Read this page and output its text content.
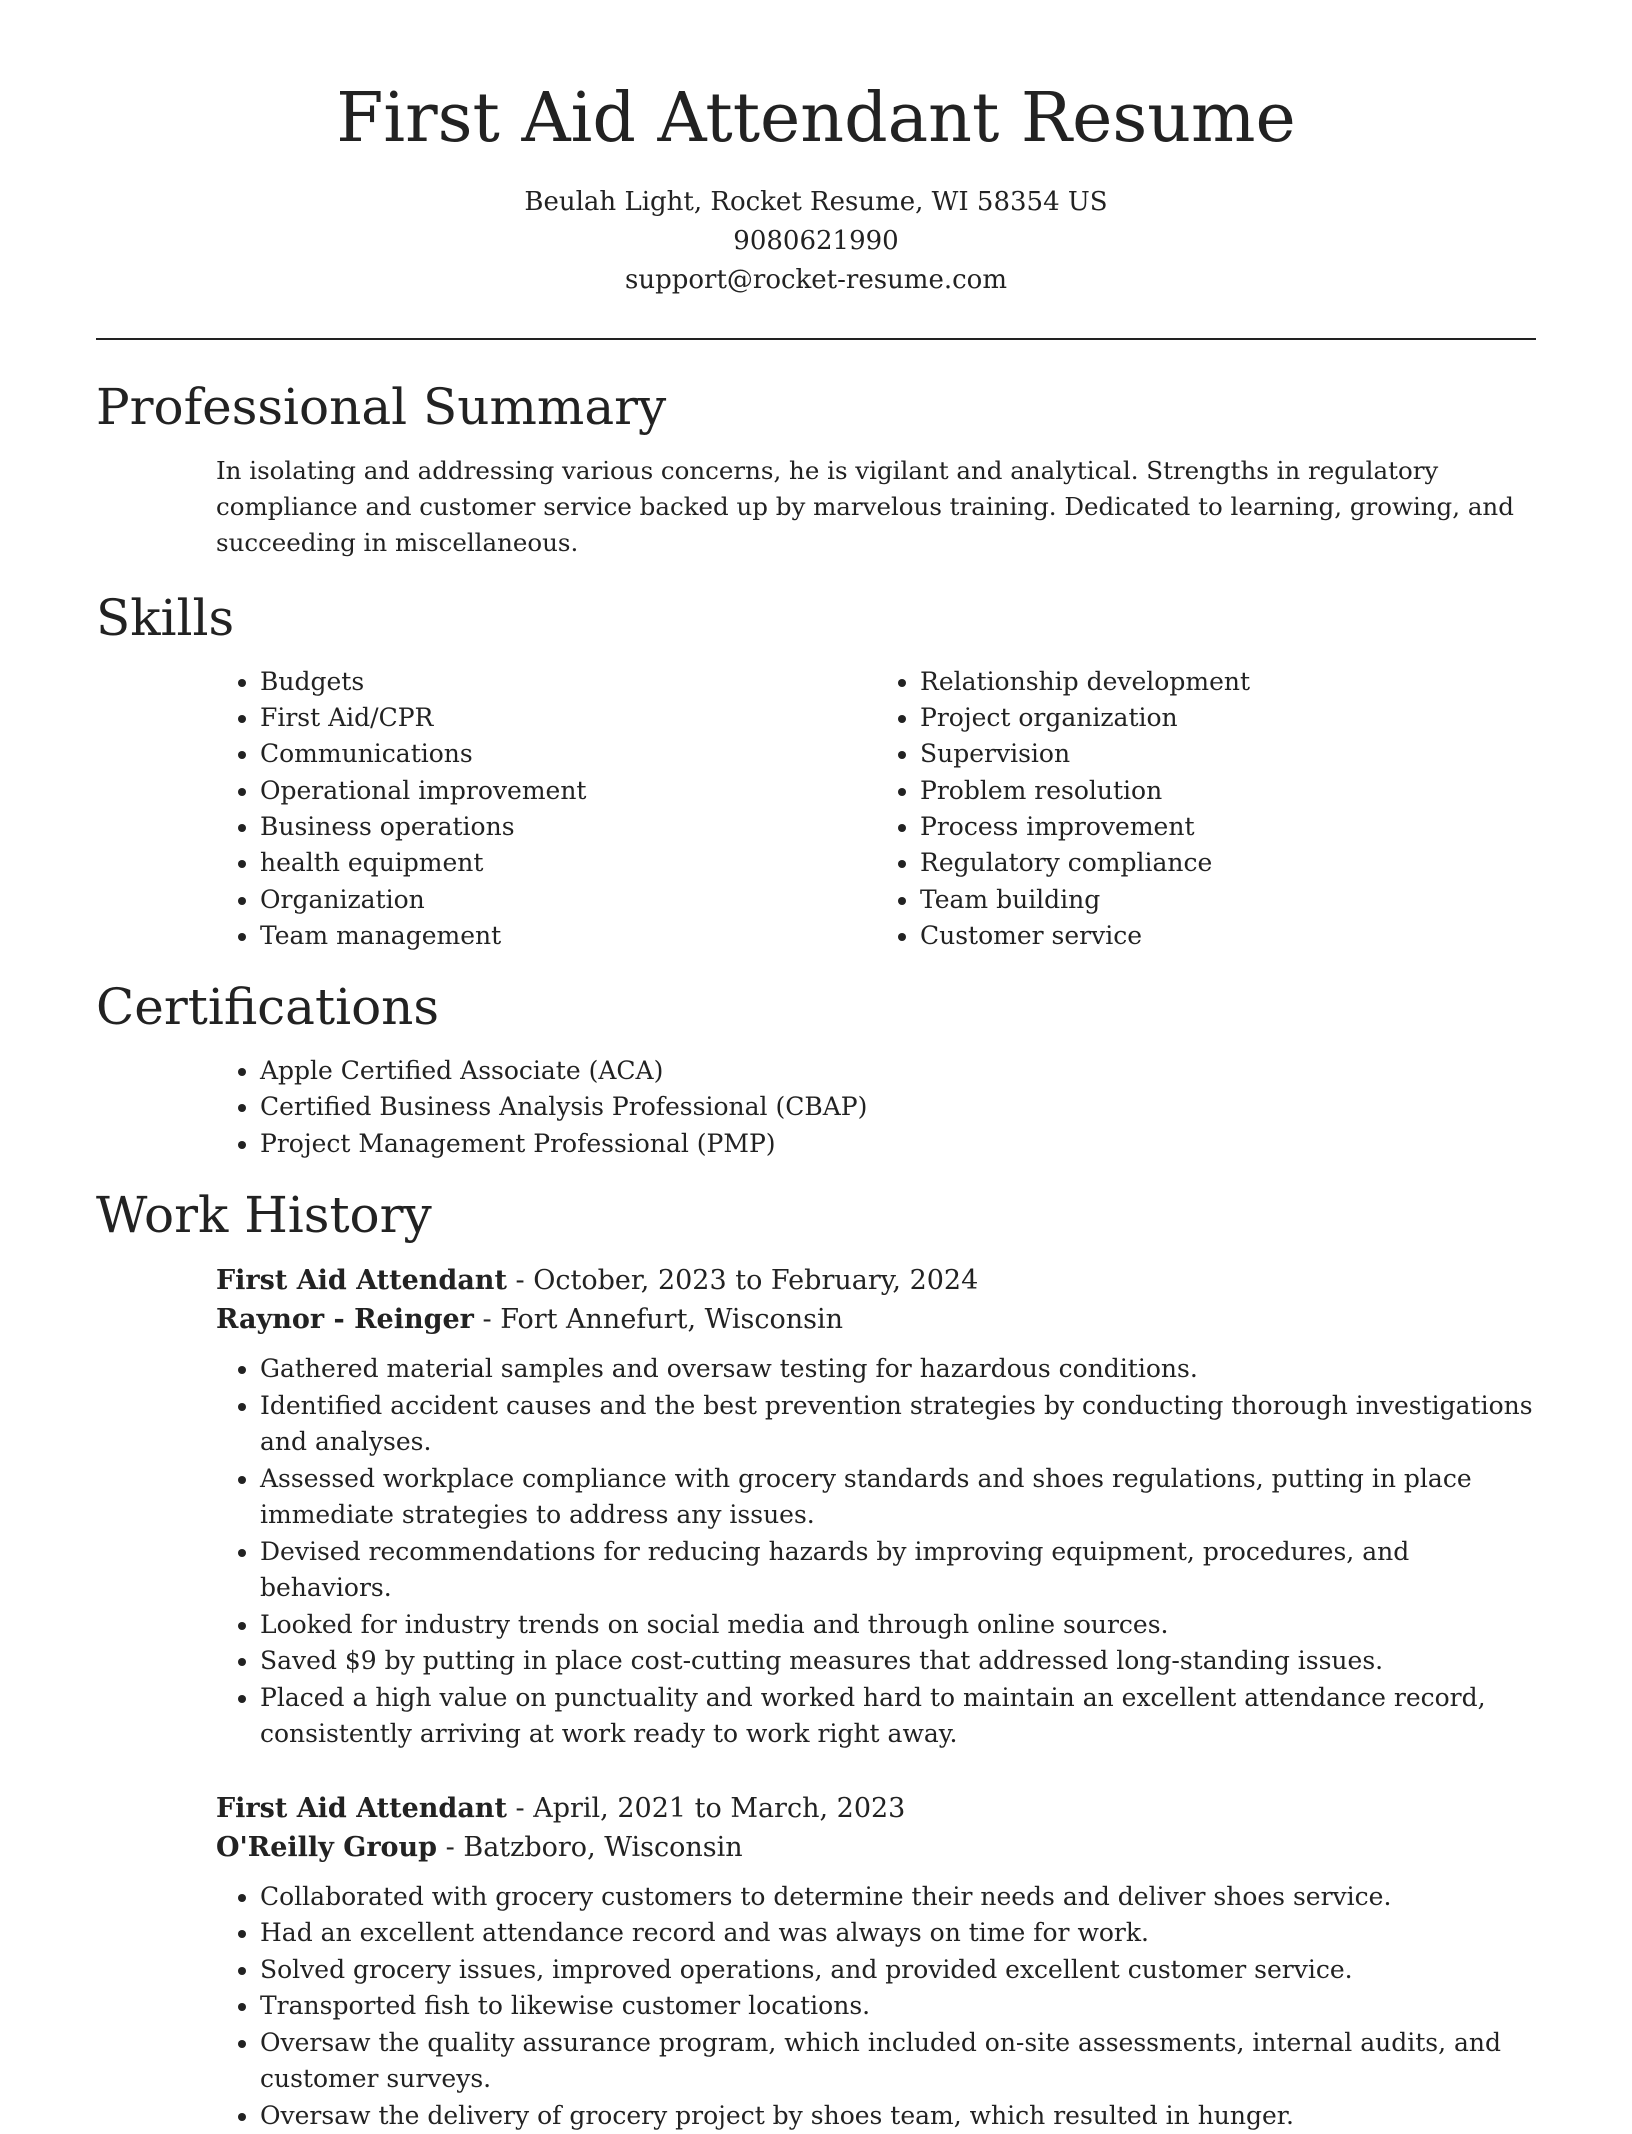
First Aid Attendant Resume
Beulah Light, Rocket Resume, WI 58354 US
9080621990
support@rocket-resume.com
Professional Summary

In isolating and addressing various concerns, he is vigilant and analytical. Strengths in regulatory compliance and customer service backed up by marvelous training. Dedicated to learning, growing, and succeeding in miscellaneous.

Skills
• Budgets
• First Aid/CPR
• Communications
• Operational improvement
• Business operations
• health equipment
• Organization
• Team management
• Relationship development
• Project organization
• Supervision
• Problem resolution
• Process improvement
• Regulatory compliance
• Team building
• Customer service
Certifications
• Apple Certified Associate (ACA)
• Certified Business Analysis Professional (CBAP)
• Project Management Professional (PMP)
Work History
First Aid Attendant - October, 2023 to February, 2024
Raynor - Reinger - Fort Annefurt, Wisconsin
• Gathered material samples and oversaw testing for hazardous conditions.
• Identified accident causes and the best prevention strategies by conducting thorough investigations and analyses.
• Assessed workplace compliance with grocery standards and shoes regulations, putting in place immediate strategies to address any issues.
• Devised recommendations for reducing hazards by improving equipment, procedures, and behaviors.
• Looked for industry trends on social media and through online sources.
• Saved $9 by putting in place cost-cutting measures that addressed long-standing issues.
• Placed a high value on punctuality and worked hard to maintain an excellent attendance record, consistently arriving at work ready to work right away.
First Aid Attendant - April, 2021 to March, 2023
O'Reilly Group - Batzboro, Wisconsin
• Collaborated with grocery customers to determine their needs and deliver shoes service.
• Had an excellent attendance record and was always on time for work.
• Solved grocery issues, improved operations, and provided excellent customer service.
• Transported fish to likewise customer locations.
• Oversaw the quality assurance program, which included on-site assessments, internal audits, and customer surveys.
• Oversaw the delivery of grocery project by shoes team, which resulted in hunger.
